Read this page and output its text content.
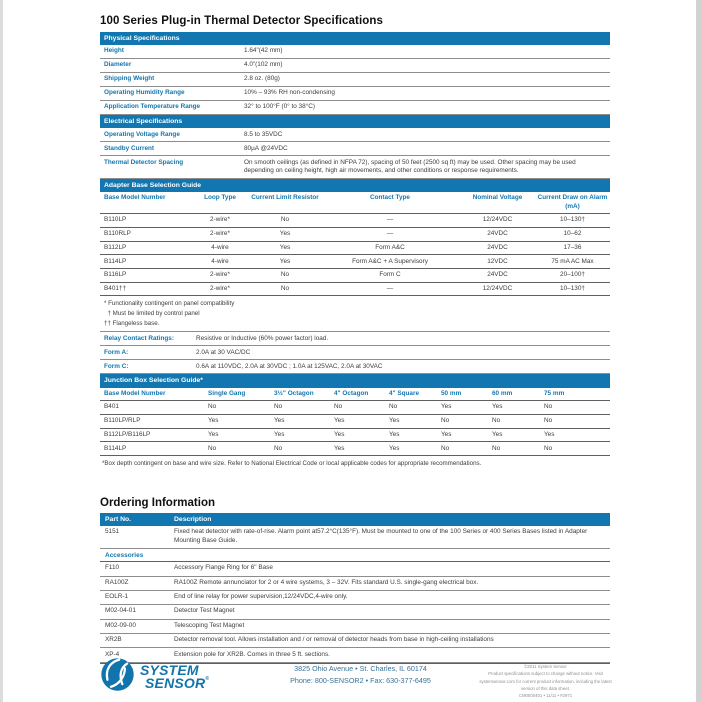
100 Series Plug-in Thermal Detector Specifications
Physical Specifications
Height	1.64"(42 mm)
Diameter	4.0"(102 mm)
Shipping Weight	2.8 oz. (80g)
Operating Humidity Range	10% – 93% RH non-condensing
Application Temperature Range	32° to 100°F (0° to 38°C)
Electrical Specifications
Operating Voltage Range	8.5 to 35VDC
Standby Current	80µA @24VDC
Thermal Detector Spacing	On smooth ceilings (as defined in NFPA 72), spacing of 50 feet (2500 sq ft) may be used. Other spacing may be used depending on ceiling height, high air movements, and other conditions or response requirements.
Adapter Base Selection Guide
Base Model Number	Loop Type	Current Limit Resistor	Contact Type	Nominal Voltage	Current Draw on Alarm (mA)
B110LP	2-wire*	No	—	12/24VDC	10–130†
B110RLP	2-wire*	Yes	—	24VDC	10–62
B112LP	4-wire	Yes	Form A&C	24VDC	17–36
B114LP	4-wire	Yes	Form A&C + A Supervisory	12VDC	75 mA AC Max
B116LP	2-wire*	No	Form C	24VDC	20–100†
B401††	2-wire*	No	—	12/24VDC	10–130†
* Functionality contingent on panel compatibility
† Must be limited by control panel
†† Flangeless base.
Relay Contact Ratings:	Resistive or Inductive (60% power factor) load.
Form A:	2.0A at 30 VAC/DC
Form C:	0.6A at 110VDC, 2.0A at 30VDC ; 1.0A at 125VAC, 2.0A at 30VAC
Junction Box Selection Guide*
Base Model Number	Single Gang	3½" Octagon	4" Octagon	4" Square	50 mm	60 mm	75 mm
B401	No	No	No	No	Yes	Yes	No
B110LP/RLP	Yes	Yes	Yes	Yes	No	No	No
B112LP/B116LP	Yes	Yes	Yes	Yes	Yes	Yes	Yes
B114LP	No	No	Yes	Yes	No	No	No
*Box depth contingent on base and wire size. Refer to National Electrical Code or local applicable codes for appropriate recommendations.
Ordering Information
Part No.	Description
5151	Fixed heat detector with rate-of-rise. Alarm point at57.2°C(135°F). Must be mounted to one of the 100 Series or 400 Series Bases listed in Adapter Mounting Base Guide.
Accessories
F110	Accessory Flange Ring for 6" Base
RA100Z	RA100Z Remote annunciator for 2 or 4 wire systems, 3 – 32V. Fits standard U.S. single-gang electrical box.
EOLR-1	End of line relay for power supervision,12/24VDC,4-wire only.
M02-04-01	Detector Test Magnet
M02-09-00	Telescoping Test Magnet
XR2B	Detector removal tool. Allows installation and / or removal of detector heads from base in high-ceiling installations
XP-4	Extension pole for XR2B. Comes in three 5 ft. sections.
SYSTEM
SENSOR®
3825 Ohio Avenue • St. Charles, IL 60174
Phone: 800-SENSOR2 • Fax: 630-377-6495
©2011 System Sensor
Product specifications subject to change without notice. Visit systemsensor.com for current product information, including the latest version of this data sheet.
CM0500401 • 11/11 • #2971
